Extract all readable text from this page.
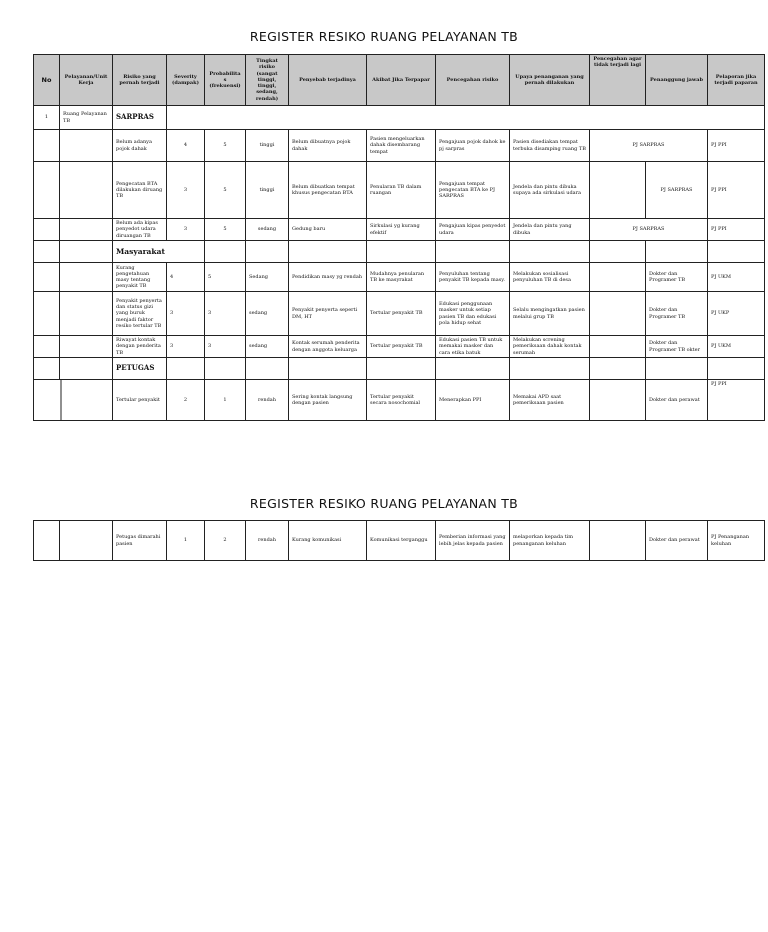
REGISTER RESIKO RUANG PELAYANAN TB
No	Pelayanan/Unit Kerja	Risiko yang pernah terjadi	Severity (dampak)	Probabilitas (frekuensi)	Tingkat risiko (sangat tinggi, tinggi, sedang, rendah)	Penyebab terjadinya	Akibat Jika Terpapar	Pencegahan risiko	Upaya penanganan yang pernah dilakukan	Pencegahan agar tidak terjadi lagi	Penanggung jawab	Pelaporan jika terjadi paparan
1	Ruang Pelayanan TB	SARPRAS										
		Belum adanya pojok dahak	4	5	tinggi	Belum dibuatnya pojok dahak	Pasien mengeluarkan dahak disembarang tempat	Pengajuan pojok dahok ke pj sarpras	Pasien disediakan tempat terbuka disamping ruang TB	PJ SARPRAS		PJ PPI
		Pengecatan BTA dilakukan diruang TB	3	5	tinggi	Belum dibuatkan tempat khusus pengecatan BTA	Penularan TB dalam ruangan	Pengajuan tempat pengecatan BTA ke PJ SARPRAS	Jendela dan pintu dibuka supaya ada sirkulasi udara		PJ SARPRAS	PJ PPI
		Belum ada kipas penyedot udara diruangan TB	3	5	sedang	Gedung baru	Sirkulasi yg kurang efektif	Pengajuan kipas penyedot udara	Jendela dan pintu yang dibuka	PJ SARPRAS		PJ PPI
		Masyarakat										
		Kurang pengetahuan masy tentang penyakit TB	4	5	Sedang	Pendidikan masy yg rendah	Mudahnya penularan TB ke masyrakat	Penyuluhan tentang penyakit TB kepada masy.	Melakukan sosialisasi penyuluhan TB di desa		Dokter dan Programer TB	PJ UKM
		Penyakit penyerta dan status gizi yang buruk menjadi faktor resiko tertular TB	3	3	sedang	Penyakit penyerta seperti DM, HT	Tertular penyakit TB	Edukasi penggunaan masker untuk setiap pasien TB dan edukasi pola hidup sehat	Selalu mengingatkan pasien melalui grup TB		Dokter dan Programer TB	PJ UKP
		Riwayat kontak dengan penderita TB	3	3	sedang	Kontak serumah penderita dengan anggota keluarga	Tertular penyakit TB	Edukasi pasien TB untuk memakai masker dan cara etika batuk	Melakukan screning pemeriksaan dahak kontak serumah		Dokter dan Programer TB okter	PJ UKM
		PETUGAS										
		Tertular penyakit	2	1	rendah	Sering kontak langsung dengan pasien	Tertular penyakit secara nosochomial	Menerapkan PPI	Memakai APD saat pemeriksaan pasien		Dokter dan perawat	PJ PPI
REGISTER RESIKO RUANG PELAYANAN TB
		Petugas dimarahi pasien	1	2	rendah	Kurang komunikasi	Komunikasi terganggu	Pemberian informasi yang lebih jelas kepada pasien	melaporkan kepada tim penanganan keluhan		Dokter dan perawat	PJ Penanganan keluhan
